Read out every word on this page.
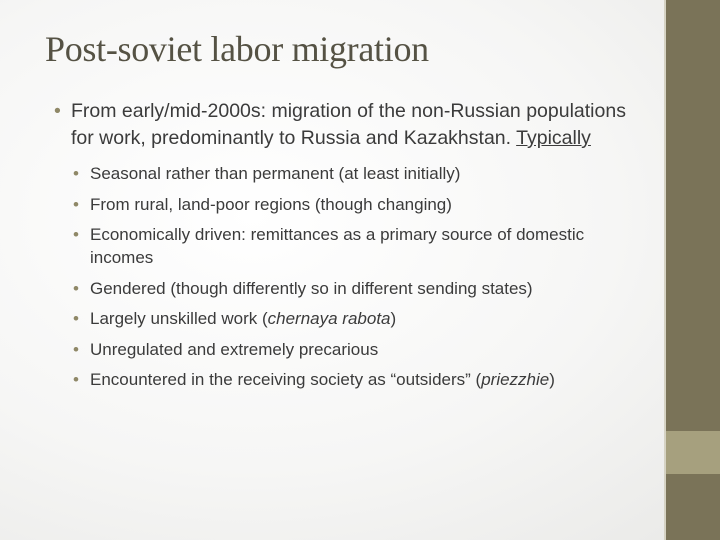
Post-soviet labor migration
• From early/mid-2000s: migration of the non-Russian populations for work, predominantly to Russia and Kazakhstan. Typically
• Seasonal rather than permanent (at least initially)
• From rural, land-poor regions (though changing)
• Economically driven: remittances as a primary source of domestic incomes
• Gendered (though differently so in different sending states)
• Largely unskilled work (chernaya rabota)
• Unregulated and extremely precarious
• Encountered in the receiving society as “outsiders” (priezzhie)
